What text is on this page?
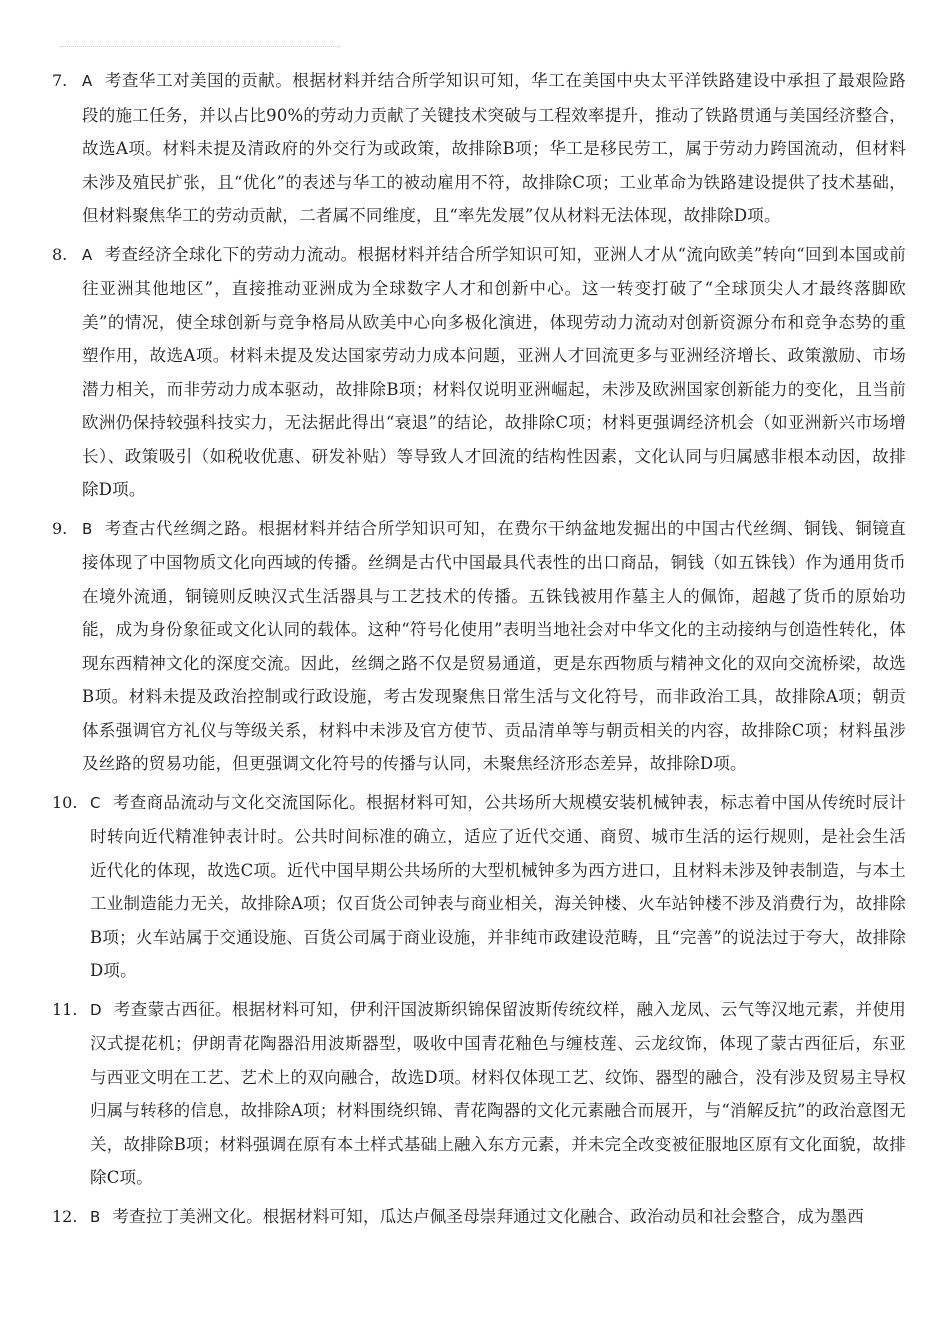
7. A 考查华工对美国的贡献。根据材料并结合所学知识可知，华工在美国中央太平洋铁路建设中承担了最艰险路段的施工任务，并以占比90%的劳动力贡献了关键技术突破与工程效率提升，推动了铁路贯通与美国经济整合，故选A项。材料未提及清政府的外交行为或政策，故排除B项；华工是移民劳工，属于劳动力跨国流动，但材料未涉及殖民扩张，且“优化”的表述与华工的被动雇用不符，故排除C项；工业革命为铁路建设提供了技术基础，但材料聚焦华工的劳动贡献，二者属不同维度，且“率先发展”仅从材料无法体现，故排除D项。
8. A 考查经济全球化下的劳动力流动。根据材料并结合所学知识可知，亚洲人才从“流向欧美”转向“回到本国或前往亚洲其他地区”，直接推动亚洲成为全球数字人才和创新中心。这一转变打破了“全球顶尖人才最终落脚欧美”的情况，使全球创新与竞争格局从欧美中心向多极化演进，体现劳动力流动对创新资源分布和竞争态势的重塑作用，故选A项。材料未提及发达国家劳动力成本问题，亚洲人才回流更多与亚洲经济增长、政策激励、市场潜力相关，而非劳动力成本驱动，故排除B项；材料仅说明亚洲崛起，未涉及欧洲国家创新能力的变化，且当前欧洲仍保持较强科技实力，无法据此得出“衰退”的结论，故排除C项；材料更强调经济机会（如亚洲新兴市场增长）、政策吸引（如税收优惠、研发补贴）等导致人才回流的结构性因素，文化认同与归属感非根本动因，故排除D项。
9. B 考查古代丝绸之路。根据材料并结合所学知识可知，在费尔干纳盆地发掘出的中国古代丝绸、铜钱、铜镜直接体现了中国物质文化向西域的传播。丝绸是古代中国最具代表性的出口商品，铜钱（如五铢钱）作为通用货币在境外流通，铜镜则反映汉式生活器具与工艺技术的传播。五铢钱被用作墓主人的佩饰，超越了货币的原始功能，成为身份象征或文化认同的载体。这种“符号化使用”表明当地社会对中华文化的主动接纳与创造性转化，体现东西精神文化的深度交流。因此，丝绸之路不仅是贸易通道，更是东西物质与精神文化的双向交流桥梁，故选B项。材料未提及政治控制或行政设施，考古发现聚焦日常生活与文化符号，而非政治工具，故排除A项；朝贡体系强调官方礼仪与等级关系，材料中未涉及官方使节、贡品清单等与朝贡相关的内容，故排除C项；材料虽涉及丝路的贸易功能，但更强调文化符号的传播与认同，未聚焦经济形态差异，故排除D项。
10. C 考查商品流动与文化交流国际化。根据材料可知，公共场所大规模安装机械钟表，标志着中国从传统时辰计时转向近代精准钟表计时。公共时间标准的确立，适应了近代交通、商贸、城市生活的运行规则，是社会生活近代化的体现，故选C项。近代中国早期公共场所的大型机械钟多为西方进口，且材料未涉及钟表制造，与本土工业制造能力无关，故排除A项；仅百货公司钟表与商业相关，海关钟楼、火车站钟楼不涉及消费行为，故排除B项；火车站属于交通设施、百货公司属于商业设施，并非纯市政建设范畴，且“完善”的说法过于夸大，故排除D项。
11. D 考查蒙古西征。根据材料可知，伊利汗国波斯织锦保留波斯传统纹样，融入龙凤、云气等汉地元素，并使用汉式提花机；伊朗青花陶器沿用波斯器型，吸收中国青花釉色与缠枝莲、云龙纹饰，体现了蒙古西征后，东亚与西亚文明在工艺、艺术上的双向融合，故选D项。材料仅体现工艺、纹饰、器型的融合，没有涉及贸易主导权归属与转移的信息，故排除A项；材料围绕织锦、青花陶器的文化元素融合而展开，与“消解反抗”的政治意图无关，故排除B项；材料强调在原有本土样式基础上融入东方元素，并未完全改变被征服地区原有文化面貌，故排除C项。
12. B 考查拉丁美洲文化。根据材料可知，瓜达卢佩圣母崇拜通过文化融合、政治动员和社会整合，成为墨西
